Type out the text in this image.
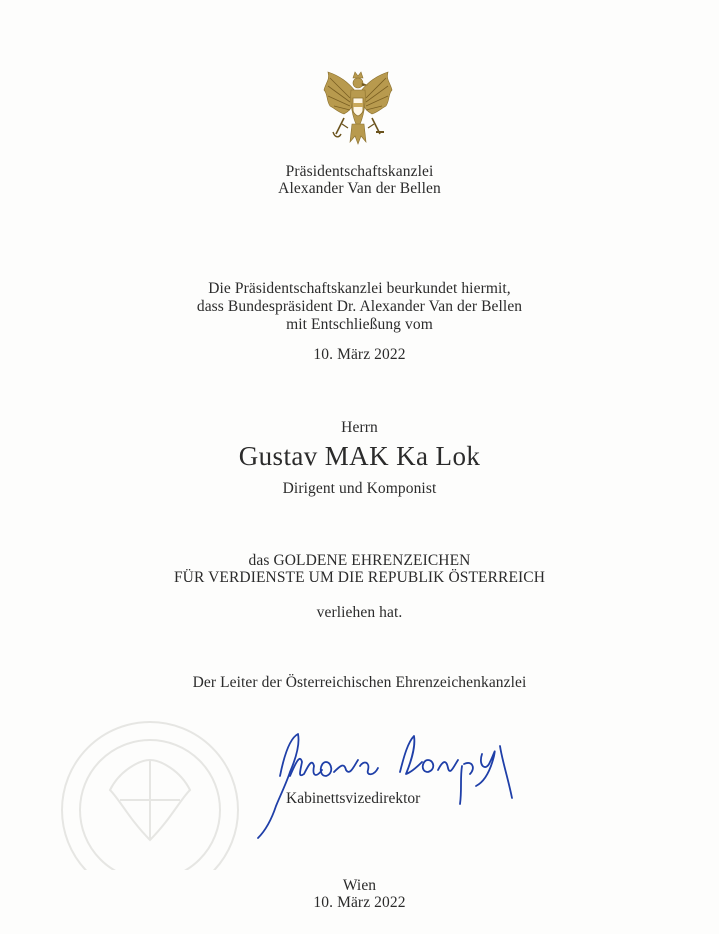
Präsidentschaftskanzlei
Alexander Van der Bellen
Die Präsidentschaftskanzlei beurkundet hiermit,
dass Bundespräsident Dr. Alexander Van der Bellen
mit Entschließung vom
10. März 2022
Herrn
Gustav MAK Ka Lok
Dirigent und Komponist
das GOLDENE EHRENZEICHEN
FÜR VERDIENSTE UM DIE REPUBLIK ÖSTERREICH
verliehen hat.
Der Leiter der Österreichischen Ehrenzeichenkanzlei
Kabinettsvizedirektor
Wien
10. März 2022
